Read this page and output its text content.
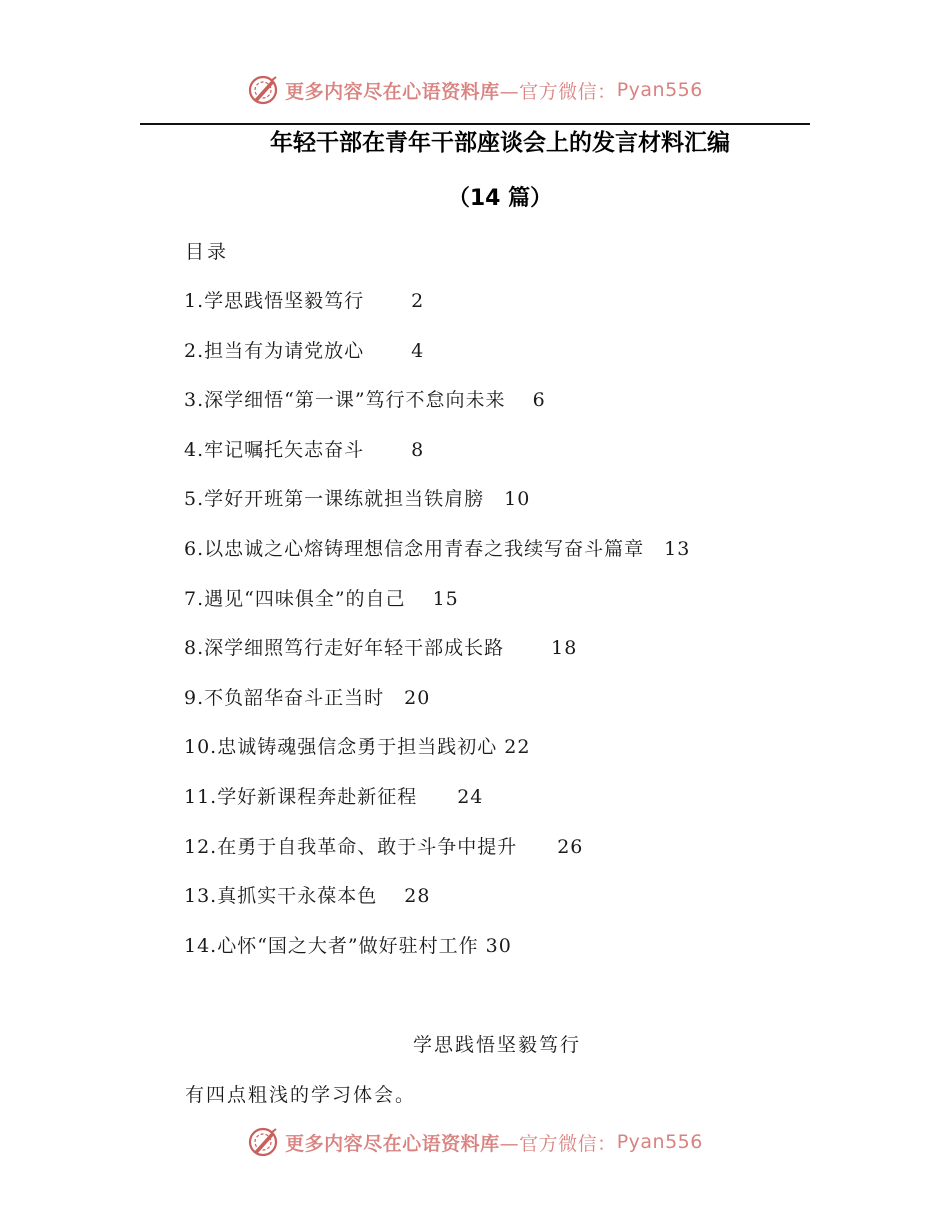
更多内容尽在心语资料库 —官方微信： Pyan556
年轻干部在青年干部座谈会上的发言材料汇编
（14 篇）
目录
1.学思践悟坚毅笃行　　 2
2.担当有为请党放心　　 4
3.深学细悟“第一课”笃行不怠向未来　 6
4.牢记嘱托矢志奋斗　　 8
5.学好开班第一课练就担当铁肩膀　10
6.以忠诚之心熔铸理想信念用青春之我续写奋斗篇章　13
7.遇见“四味俱全”的自己　 15
8.深学细照笃行走好年轻干部成长路　　 18
9.不负韶华奋斗正当时　20
10.忠诚铸魂强信念勇于担当践初心 22
11.学好新课程奔赴新征程　　24
12.在勇于自我革命、敢于斗争中提升　　26
13.真抓实干永葆本色　 28
14.心怀“国之大者”做好驻村工作 30
学思践悟坚毅笃行
有四点粗浅的学习体会。
更多内容尽在心语资料库 —官方微信： Pyan556
